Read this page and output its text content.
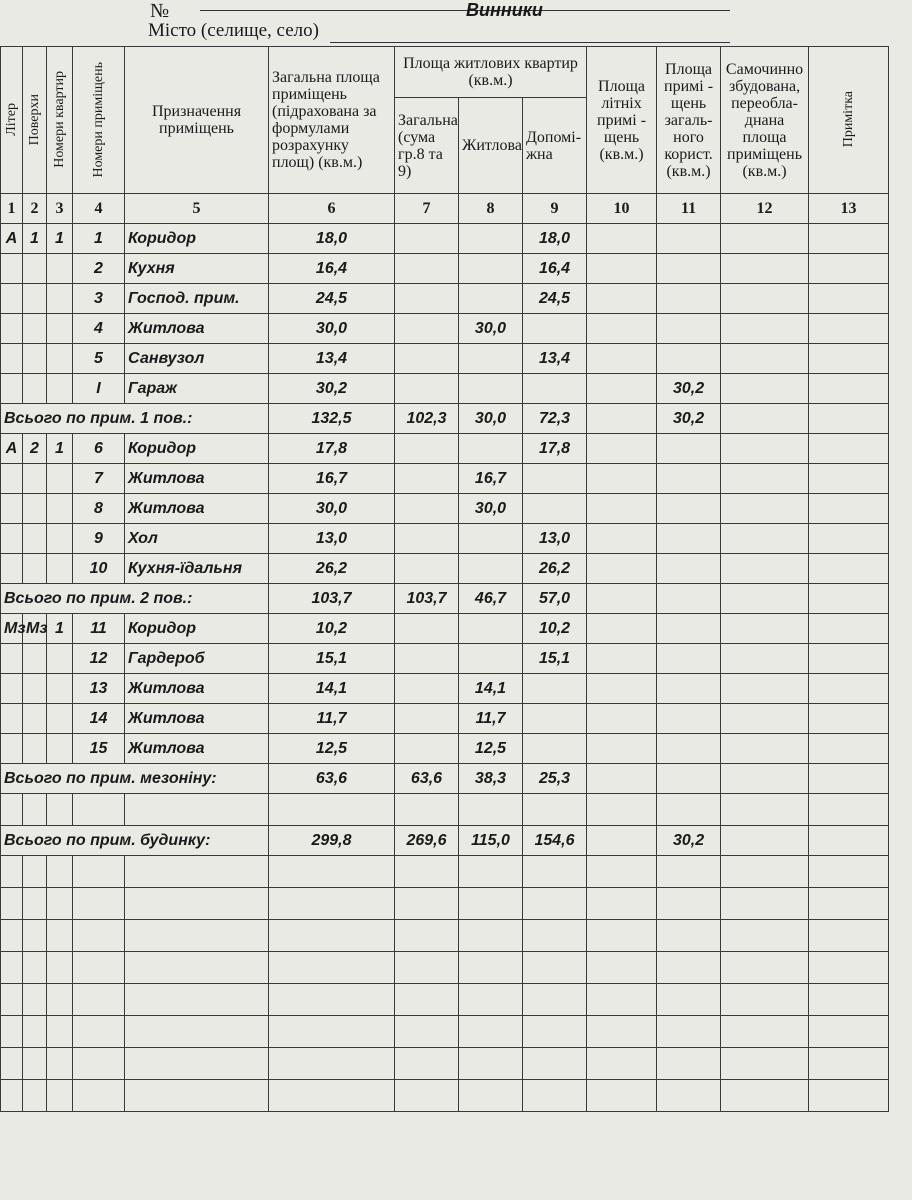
№
Місто (селище, село)
Винники
Літер	Поверхи	Номери квартир	Номери приміщень	Призначення приміщень	Загальна площа приміщень (підрахована за формулами розрахунку площ) (кв.м.)	Площа житлових квартир (кв.м.)			Площа літніх примі - щень (кв.м.)	Площа примі - щень загаль-ного корист. (кв.м.)	Самочинно збудована, переобла-днана площа приміщень (кв.м.)	Примітка
						Загальна (сума гр.8 та 9)	Житлова	Допомі-жна				
1	2	3	4	5	6	7	8	9	10	11	12	13
А	1	1	1	Коридор	18,0			18,0				
			2	Кухня	16,4			16,4				
			3	Господ. прим.	24,5			24,5				
			4	Житлова	30,0		30,0					
			5	Санвузол	13,4			13,4				
			І	Гараж	30,2					30,2		
Всього по прим. 1 пов.:					132,5	102,3	30,0	72,3		30,2		
А	2	1	6	Коридор	17,8			17,8				
			7	Житлова	16,7		16,7					
			8	Житлова	30,0		30,0					
			9	Хол	13,0			13,0				
			10	Кухня-їдальня	26,2			26,2				
Всього по прим. 2 пов.:					103,7	103,7	46,7	57,0				
Мз	Мз	1	11	Коридор	10,2			10,2				
			12	Гардероб	15,1			15,1				
			13	Житлова	14,1		14,1					
			14	Житлова	11,7		11,7					
			15	Житлова	12,5		12,5					
Всього по прим. мезоніну:					63,6	63,6	38,3	25,3				

Всього по прим. будинку:					299,8	269,6	115,0	154,6		30,2		
